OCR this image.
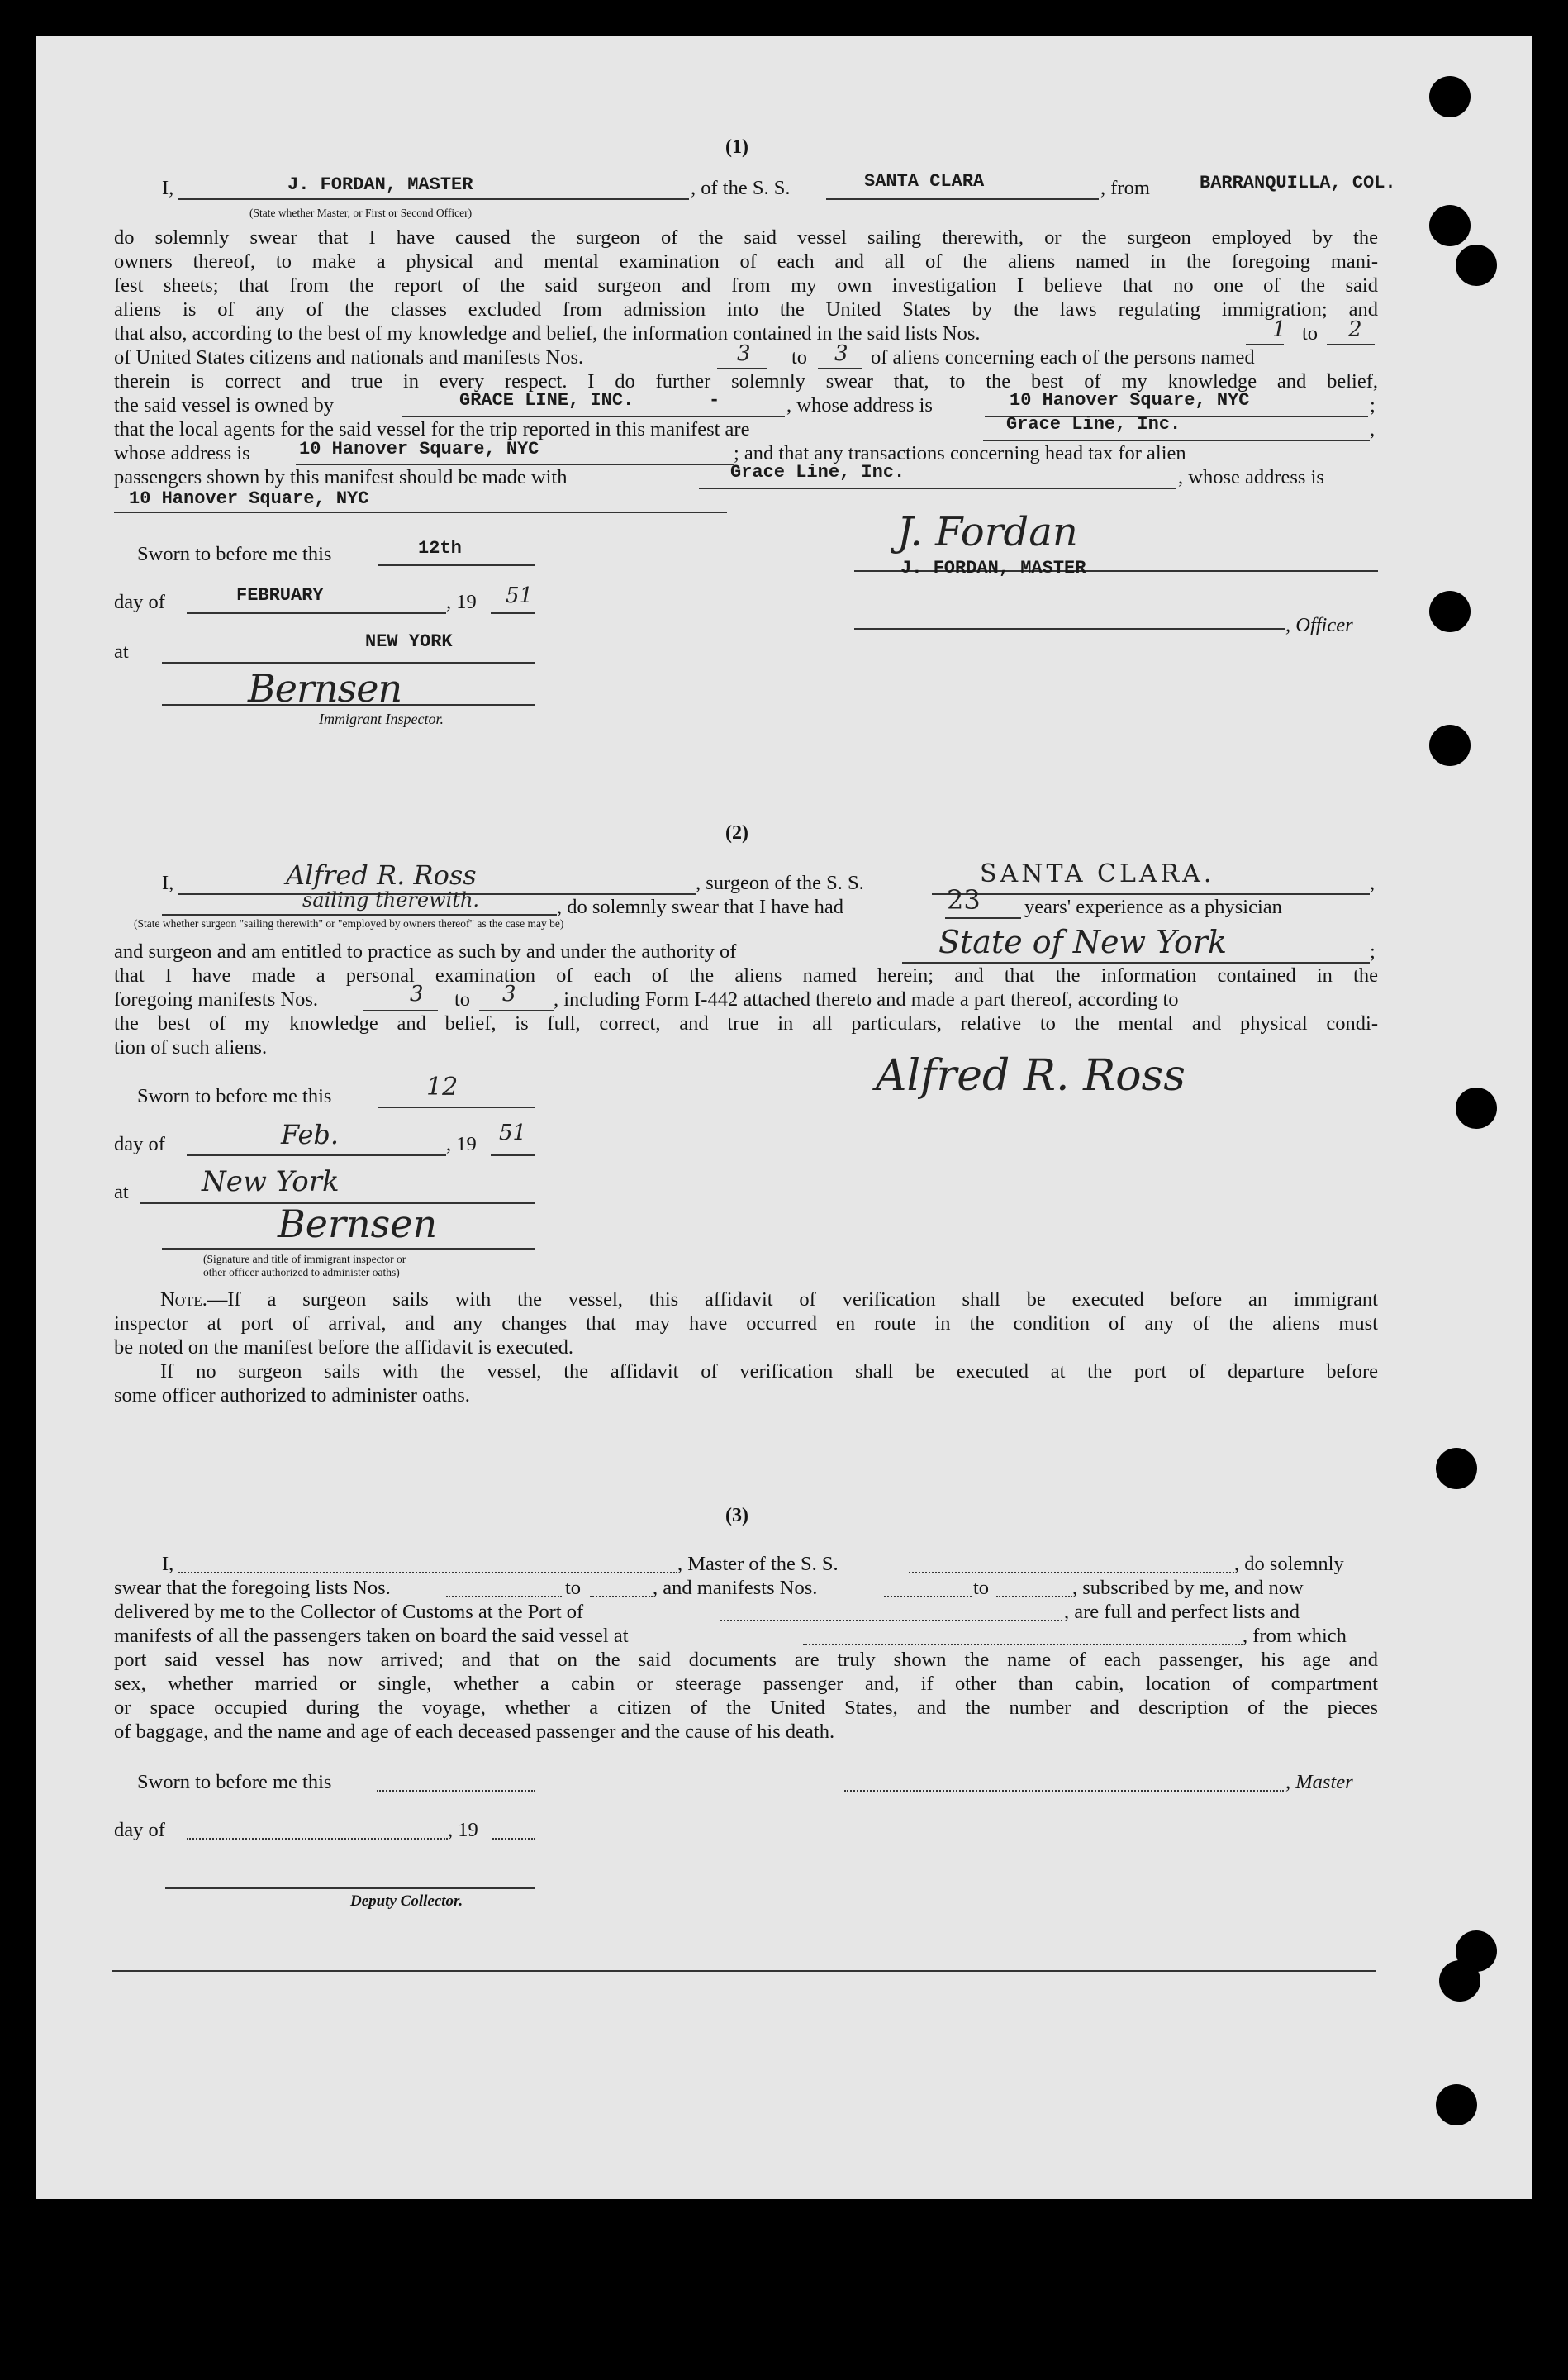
(1)
I,	J. FORDAN, MASTER	, of the S. S.	SANTA CLARA	, from	BARRANQUILLA, COL.
(State whether Master, or First or Second Officer)
do solemnly swear that I have caused the surgeon of the said vessel sailing therewith, or the surgeon employed by the
owners thereof, to make a physical and mental examination of each and all of the aliens named in the foregoing mani-
fest sheets; that from the report of the said surgeon and from my own investigation I believe that no one of the said
aliens is of any of the classes excluded from admission into the United States by the laws regulating immigration; and
that also, according to the best of my knowledge and belief, the information contained in the said lists Nos.	1 to 2
of United States citizens and nationals and manifests Nos.	3 to 3 of aliens concerning each of the persons named
therein is correct and true in every respect. I do further solemnly swear that, to the best of my knowledge and belief,
the said vessel is owned by	GRACE LINE, INC.	-	, whose address is	10 Hanover Square, NYC	;
that the local agents for the said vessel for the trip reported in this manifest are	Grace Line, Inc.	,
whose address is	10 Hanover Square, NYC	; and that any transactions concerning head tax for alien
passengers shown by this manifest should be made with	Grace Line, Inc.	, whose address is
10 Hanover Square, NYC
Sworn to before me this	12th
day of	FEBRUARY	, 19 51
at	NEW YORK
Bernsen
Immigrant Inspector.
J. Fordan
J. FORDAN, MASTER
, Officer
(2)
I,	Alfred R. Ross	, surgeon of the S. S.	SANTA CLARA.	,
sailing therewith.	, do solemnly swear that I have had	23 years' experience as a physician
(State whether surgeon "sailing therewith" or "employed by owners thereof" as the case may be)
and surgeon and am entitled to practice as such by and under the authority of	State of New York	;
that I have made a personal examination of each of the aliens named herein; and that the information contained in the
foregoing manifests Nos.	3 to 3 , including Form I-442 attached thereto and made a part thereof, according to
the best of my knowledge and belief, is full, correct, and true in all particulars, relative to the mental and physical condi-
tion of such aliens.
Sworn to before me this	12
day of	Feb.	, 19 51
at	New York
Bernsen
(Signature and title of immigrant inspector or
other officer authorized to administer oaths)
Alfred R. Ross
Note.—If a surgeon sails with the vessel, this affidavit of verification shall be executed before an immigrant
inspector at port of arrival, and any changes that may have occurred en route in the condition of any of the aliens must
be noted on the manifest before the affidavit is executed.
If no surgeon sails with the vessel, the affidavit of verification shall be executed at the port of departure before
some officer authorized to administer oaths.
(3)
I,	, Master of the S. S.	, do solemnly
swear that the foregoing lists Nos.	to	, and manifests Nos.	to	, subscribed by me, and now
delivered by me to the Collector of Customs at the Port of	, are full and perfect lists and
manifests of all the passengers taken on board the said vessel at	, from which
port said vessel has now arrived; and that on the said documents are truly shown the name of each passenger, his age and
sex, whether married or single, whether a cabin or steerage passenger and, if other than cabin, location of compartment
or space occupied during the voyage, whether a citizen of the United States, and the number and description of the pieces
of baggage, and the name and age of each deceased passenger and the cause of his death.
Sworn to before me this	, Master
day of	, 19
Deputy Collector.
